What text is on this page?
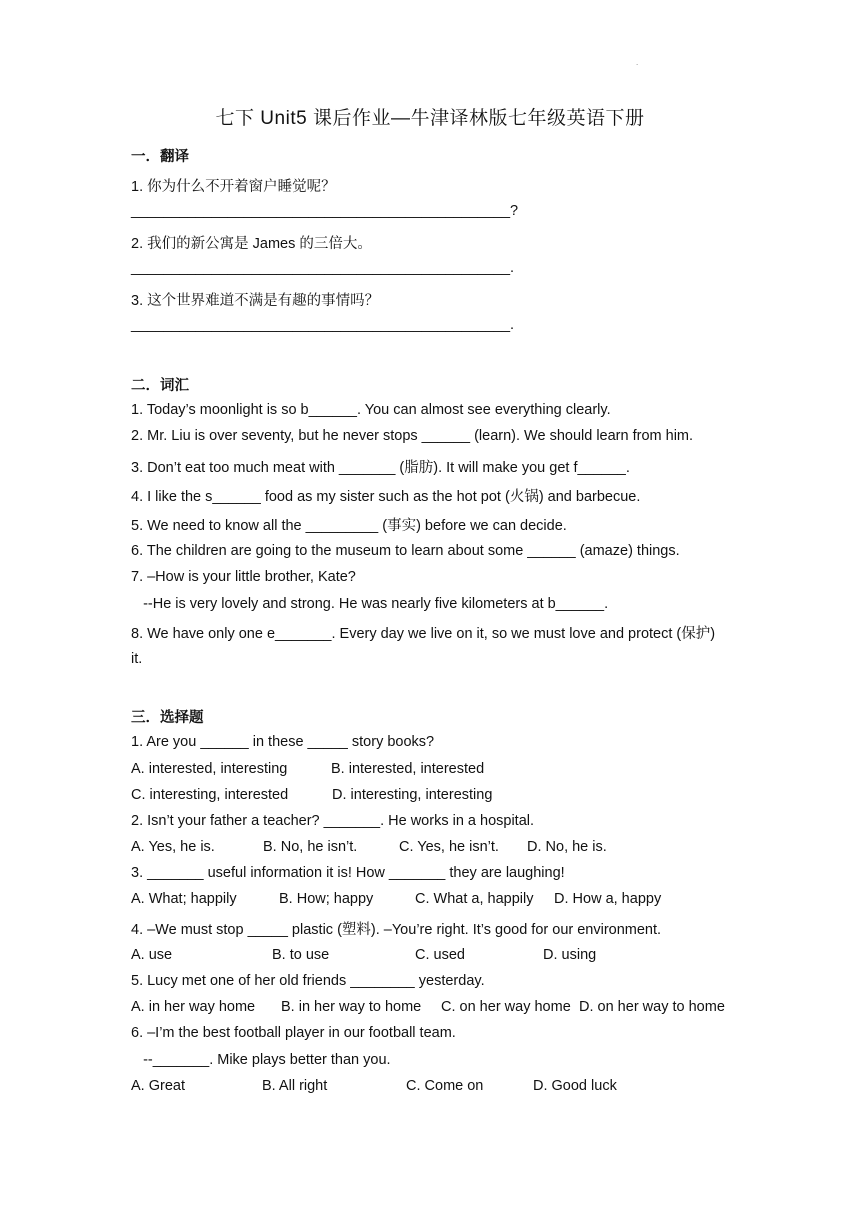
.
七下 Unit5 课后作业—牛津译林版七年级英语下册
一．翻译
1. 你为什么不开着窗户睡觉呢？
_______________________________________________?
2. 我们的新公寓是 James 的三倍大。
_______________________________________________.
3. 这个世界难道不满是有趣的事情吗？
_______________________________________________.
二．词汇
1. Today’s moonlight is so b______. You can almost see everything clearly.
2. Mr. Liu is over seventy, but he never stops ______ (learn). We should learn from him.
3. Don’t eat too much meat with _______ (脂肪). It will make you get f______.
4. I like the s______ food as my sister such as the hot pot (火锅) and barbecue.
5. We need to know all the _________ (事实) before we can decide.
6. The children are going to the museum to learn about some ______ (amaze) things.
7. –How is your little brother, Kate?
--He is very lovely and strong. He was nearly five kilometers at b______.
8. We have only one e_______. Every day we live on it, so we must love and protect (保护)
it.
三．选择题
1. Are you ______ in these _____ story books?
A. interested, interesting	B. interested, interested
C. interesting, interested	D. interesting, interesting
2. Isn’t your father a teacher? _______. He works in a hospital.
A. Yes, he is.	B. No, he isn’t.	C. Yes, he isn’t. D. No, he is.
3. _______ useful information it is! How _______ they are laughing!
A. What; happily	B. How; happy	C. What a, happily D. How a, happy
4. –We must stop _____ plastic (塑料). –You’re right. It’s good for our environment.
A. use	B. to use	C. used	D. using
5. Lucy met one of her old friends ________ yesterday.
A. in her way home B. in her way to home C. on her way home D. on her way to home
6. –I’m the best football player in our football team.
--_______. Mike plays better than you.
A. Great	B. All right	C. Come on	D. Good luck
